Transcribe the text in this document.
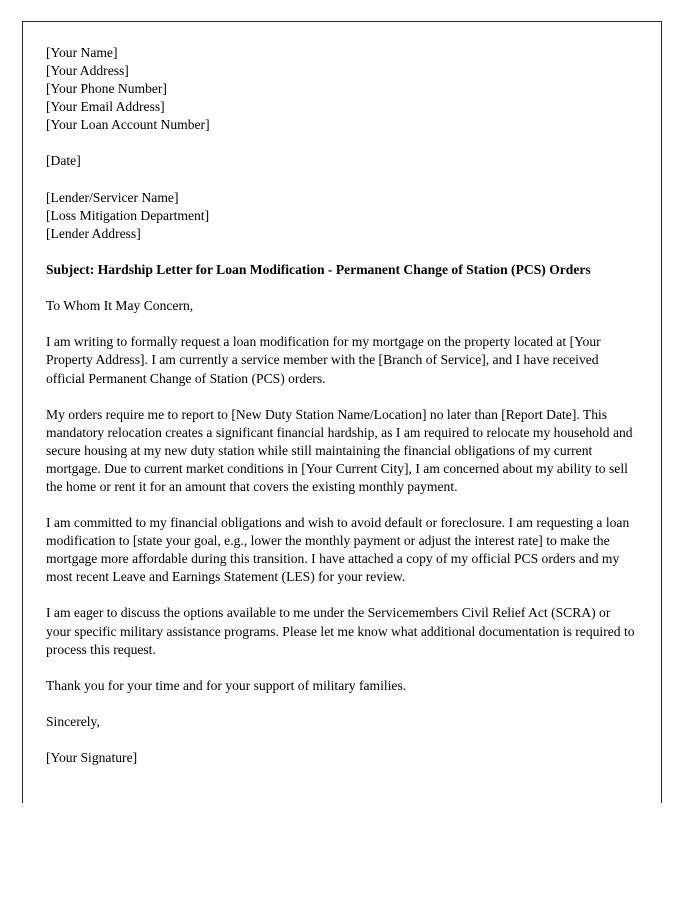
[Your Name]
[Your Address]
[Your Phone Number]
[Your Email Address]
[Your Loan Account Number]
[Date]
[Lender/Servicer Name]
[Loss Mitigation Department]
[Lender Address]
Subject: Hardship Letter for Loan Modification - Permanent Change of Station (PCS) Orders
To Whom It May Concern,

I am writing to formally request a loan modification for my mortgage on the property located at [Your Property Address]. I am currently a service member with the [Branch of Service], and I have received official Permanent Change of Station (PCS) orders.

My orders require me to report to [New Duty Station Name/Location] no later than [Report Date]. This mandatory relocation creates a significant financial hardship, as I am required to relocate my household and secure housing at my new duty station while still maintaining the financial obligations of my current mortgage. Due to current market conditions in [Your Current City], I am concerned about my ability to sell the home or rent it for an amount that covers the existing monthly payment.

I am committed to my financial obligations and wish to avoid default or foreclosure. I am requesting a loan modification to [state your goal, e.g., lower the monthly payment or adjust the interest rate] to make the mortgage more affordable during this transition. I have attached a copy of my official PCS orders and my most recent Leave and Earnings Statement (LES) for your review.

I am eager to discuss the options available to me under the Servicemembers Civil Relief Act (SCRA) or your specific military assistance programs. Please let me know what additional documentation is required to process this request.

Thank you for your time and for your support of military families.

Sincerely,
[Your Signature]
